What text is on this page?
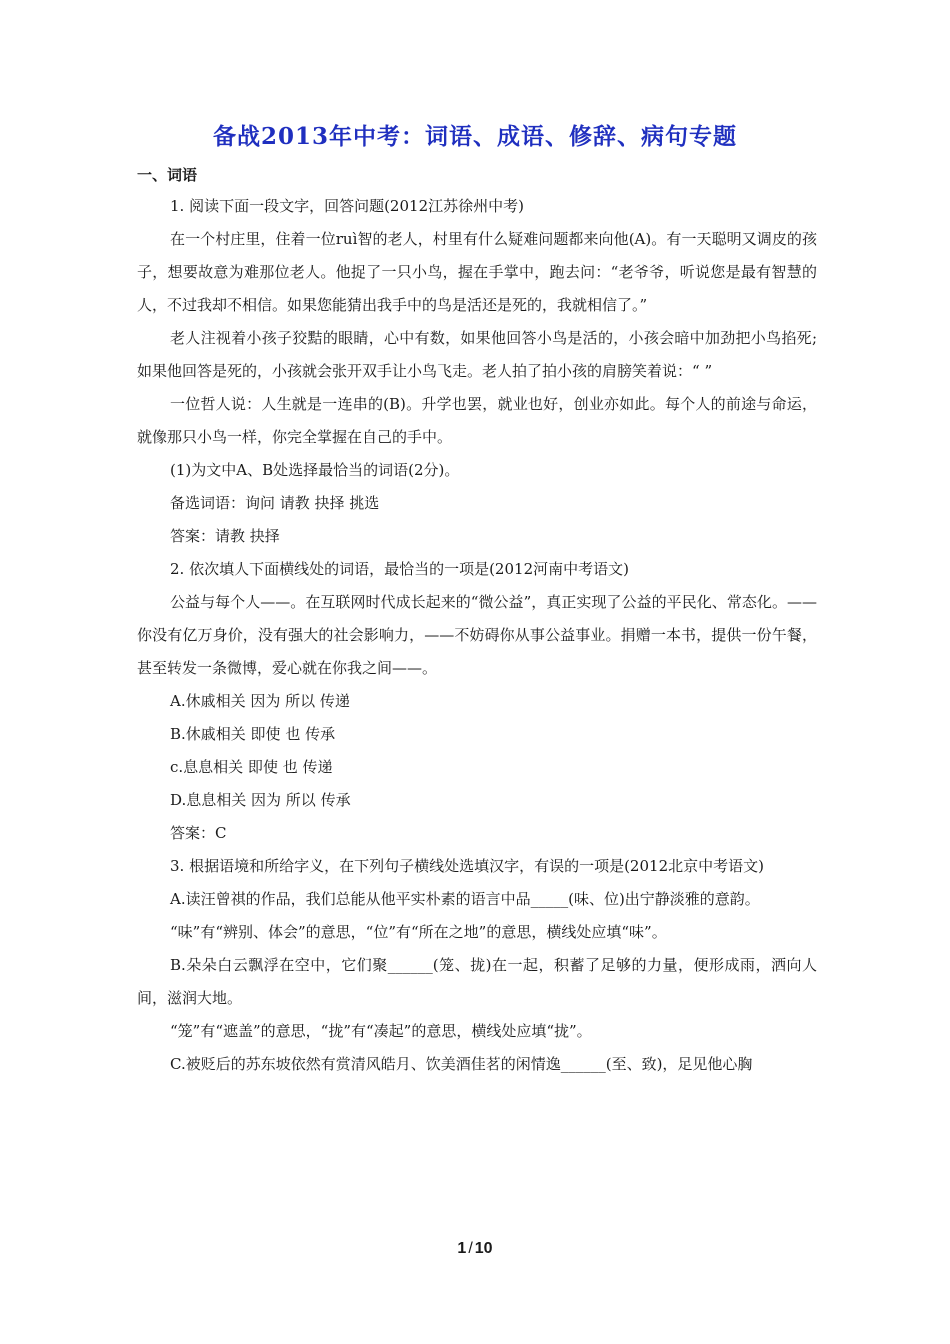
备战2013年中考：词语、成语、修辞、病句专题
一、词语

1. 阅读下面一段文字，回答问题(2012江苏徐州中考)

在一个村庄里，住着一位ruì智的老人，村里有什么疑难问题都来向他(A)。有一天聪明又调皮的孩子，想要故意为难那位老人。他捉了一只小鸟，握在手掌中，跑去问：“老爷爷，听说您是最有智慧的人，不过我却不相信。如果您能猜出我手中的鸟是活还是死的，我就相信了。”

老人注视着小孩子狡黠的眼睛，心中有数，如果他回答小鸟是活的，小孩会暗中加劲把小鸟掐死;如果他回答是死的，小孩就会张开双手让小鸟飞走。老人拍了拍小孩的肩膀笑着说：“ ”

一位哲人说：人生就是一连串的(B)。升学也罢，就业也好，创业亦如此。每个人的前途与命运，就像那只小鸟一样，你完全掌握在自己的手中。

(1)为文中A、B处选择最恰当的词语(2分)。

备选词语：询问 请教 抉择 挑选

答案：请教 抉择

2. 依次填人下面横线处的词语，最恰当的一项是(2012河南中考语文)

公益与每个人——。在互联网时代成长起来的“微公益”，真正实现了公益的平民化、常态化。——你没有亿万身价，没有强大的社会影响力，——不妨碍你从事公益事业。捐赠一本书，提供一份午餐，甚至转发一条微博，爱心就在你我之间——。

A.休戚相关 因为 所以 传递

B.休戚相关 即使 也 传承

c.息息相关 即使 也 传递

D.息息相关 因为 所以 传承

答案：C

3. 根据语境和所给字义，在下列句子横线处选填汉字，有误的一项是(2012北京中考语文)

A.读汪曾祺的作品，我们总能从他平实朴素的语言中品_____(味、位)出宁静淡雅的意韵。

“味”有“辨别、体会”的意思，“位”有“所在之地”的意思，横线处应填“味”。

B.朵朵白云飘浮在空中，它们聚______(笼、拢)在一起，积蓄了足够的力量，便形成雨，洒向人间，滋润大地。

“笼”有“遮盖”的意思，“拢”有“凑起”的意思，横线处应填“拢”。

C.被贬后的苏东坡依然有赏清风皓月、饮美酒佳茗的闲情逸______(至、致)，足见他心胸

1 / 10
